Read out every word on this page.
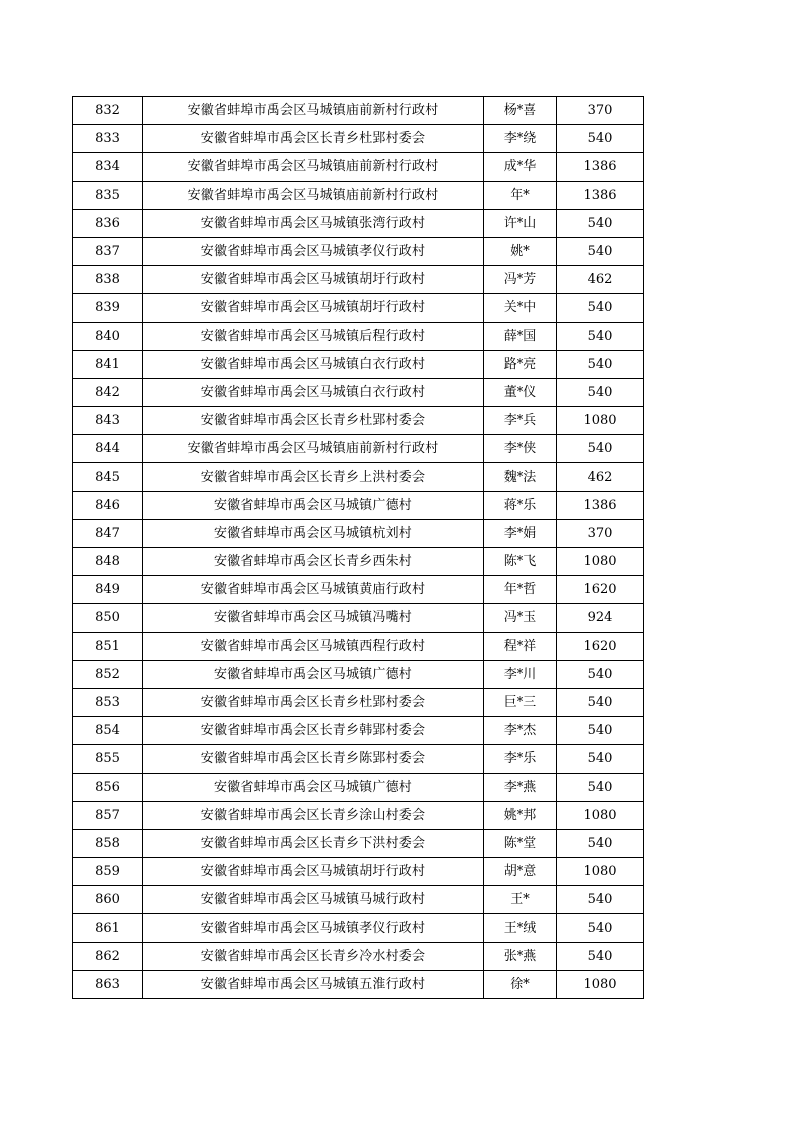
832	安徽省蚌埠市禹会区马城镇庙前新村行政村	杨*喜	370
833	安徽省蚌埠市禹会区长青乡杜郢村委会	李*绕	540
834	安徽省蚌埠市禹会区马城镇庙前新村行政村	成*华	1386
835	安徽省蚌埠市禹会区马城镇庙前新村行政村	年*	1386
836	安徽省蚌埠市禹会区马城镇张湾行政村	许*山	540
837	安徽省蚌埠市禹会区马城镇孝仪行政村	姚*	540
838	安徽省蚌埠市禹会区马城镇胡圩行政村	冯*芳	462
839	安徽省蚌埠市禹会区马城镇胡圩行政村	关*中	540
840	安徽省蚌埠市禹会区马城镇后程行政村	薛*国	540
841	安徽省蚌埠市禹会区马城镇白衣行政村	路*亮	540
842	安徽省蚌埠市禹会区马城镇白衣行政村	董*仪	540
843	安徽省蚌埠市禹会区长青乡杜郢村委会	李*兵	1080
844	安徽省蚌埠市禹会区马城镇庙前新村行政村	李*侠	540
845	安徽省蚌埠市禹会区长青乡上洪村委会	魏*法	462
846	安徽省蚌埠市禹会区马城镇广德村	蒋*乐	1386
847	安徽省蚌埠市禹会区马城镇杭刘村	李*娟	370
848	安徽省蚌埠市禹会区长青乡西朱村	陈*飞	1080
849	安徽省蚌埠市禹会区马城镇黄庙行政村	年*哲	1620
850	安徽省蚌埠市禹会区马城镇冯嘴村	冯*玉	924
851	安徽省蚌埠市禹会区马城镇西程行政村	程*祥	1620
852	安徽省蚌埠市禹会区马城镇广德村	李*川	540
853	安徽省蚌埠市禹会区长青乡杜郢村委会	巨*三	540
854	安徽省蚌埠市禹会区长青乡韩郢村委会	李*杰	540
855	安徽省蚌埠市禹会区长青乡陈郢村委会	李*乐	540
856	安徽省蚌埠市禹会区马城镇广德村	李*燕	540
857	安徽省蚌埠市禹会区长青乡涂山村委会	姚*邦	1080
858	安徽省蚌埠市禹会区长青乡下洪村委会	陈*堂	540
859	安徽省蚌埠市禹会区马城镇胡圩行政村	胡*意	1080
860	安徽省蚌埠市禹会区马城镇马城行政村	王*	540
861	安徽省蚌埠市禹会区马城镇孝仪行政村	王*绒	540
862	安徽省蚌埠市禹会区长青乡冷水村委会	张*燕	540
863	安徽省蚌埠市禹会区马城镇五淮行政村	徐*	1080
